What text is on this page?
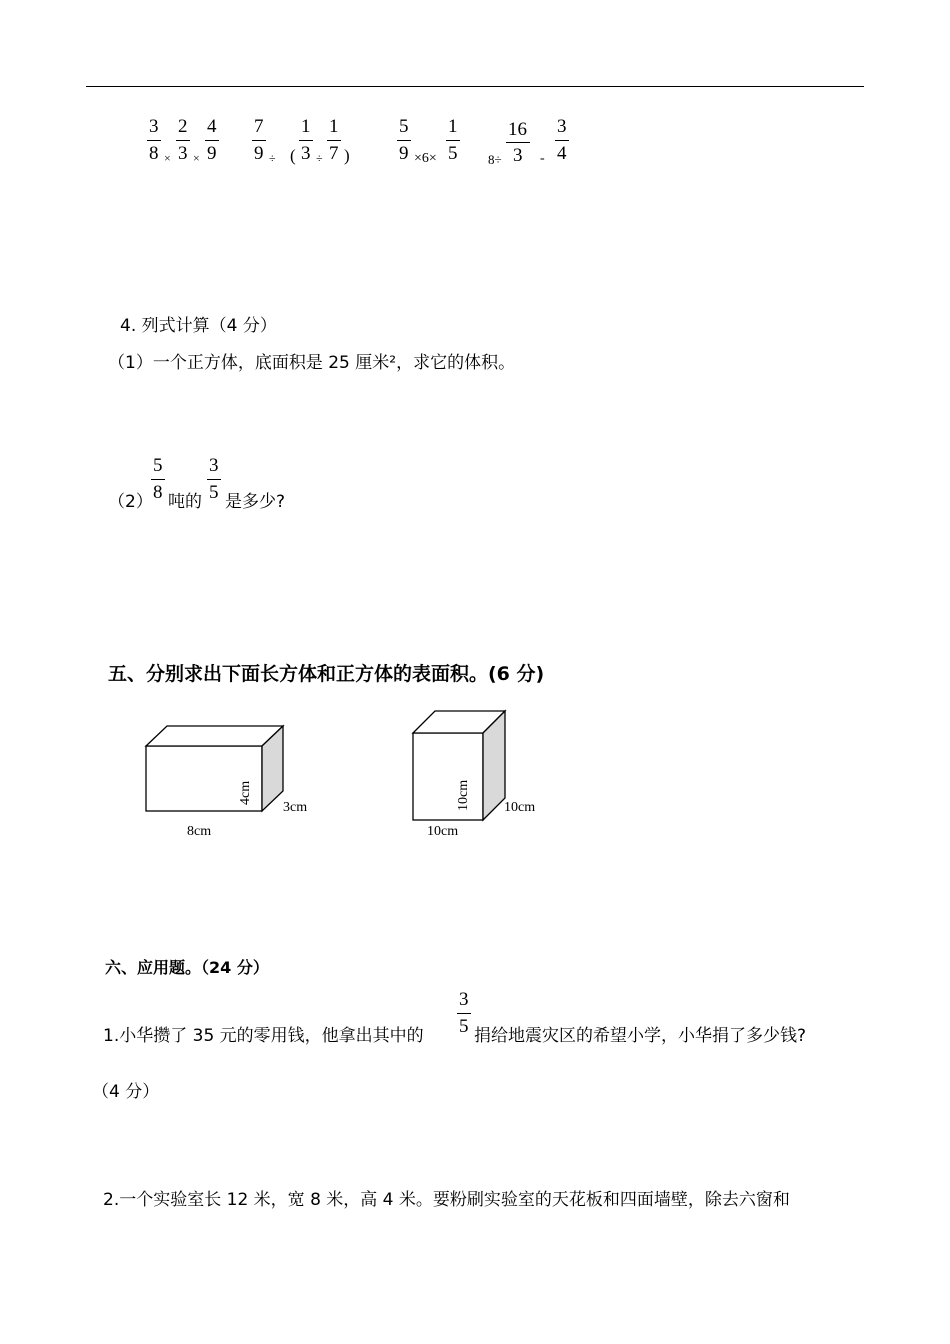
3
8 ×
2
3 ×
4
9
7
9 ÷ (
1
3 ÷
1
7 )
5
9 ×6×
1
5 8÷
16
3 -
3
4
4. 列式计算（4 分）
（1）一个正方体，底面积是 25 厘米²，求它的体积。
（2）
5
8 吨的
3
5 是多少?
五、分别求出下面长方体和正方体的表面积。(6 分)
4cm
3cm
8cm
10cm 10cm
10cm
六、应用题。（24 分）
1.小华攒了 35 元的零用钱，他拿出其中的
3
5 捐给地震灾区的希望小学，小华捐了多少钱?
（4 分）
2.一个实验室长 12 米，宽 8 米，高 4 米。要粉刷实验室的天花板和四面墙壁，除去六窗和
